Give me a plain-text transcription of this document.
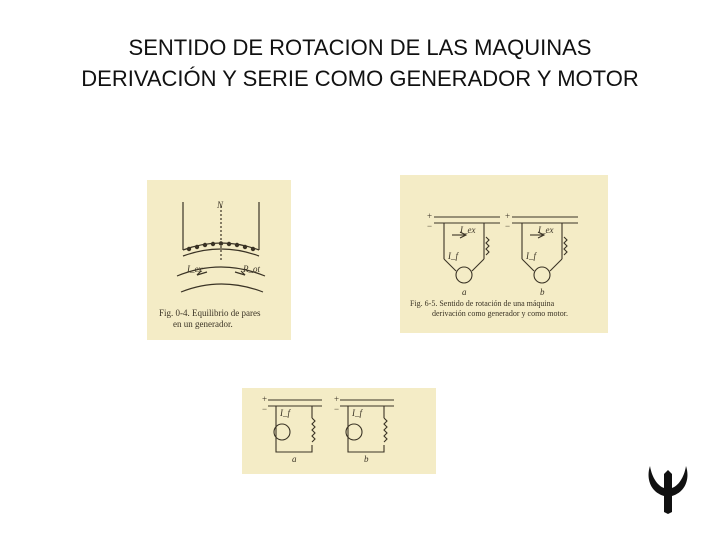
SENTIDO DE ROTACION DE LAS MAQUINAS
DERIVACIÓN Y SERIE COMO GENERADOR Y MOTOR
N
I_ex	R_ot
Fig. 0-4. Equilibrio de pares
en un generador.
+
−
+
−
I_ex	I_ex
I_f	I_f
a	b
Fig. 6-5. Sentido de rotación de una máquina
derivación como generador y como motor.
+
−
+
−
I_f	I_f
a	b
